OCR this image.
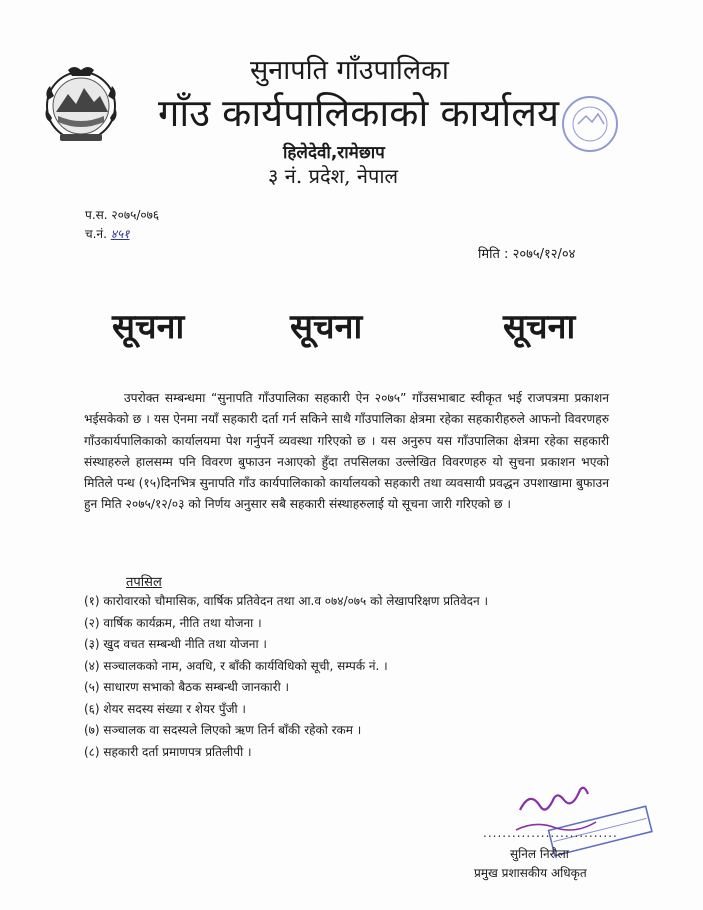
सुनापति गाँउपालिका
गाँउ कार्यपालिकाको कार्यालय
हिलेदेवी,रामेछाप
३ नं. प्रदेश, नेपाल
प.स. २०७५/०७६
च.नं. ४५१
मिति : २०७५/१२/०४
सूचना	सूचना	सूचना
उपरोक्त सम्बन्धमा “सुनापति गाँउपालिका सहकारी ऐन २०७५” गाँउसभाबाट स्वीकृत भई राजपत्रमा प्रकाशन भईसकेको छ । यस ऐनमा नयाँ सहकारी दर्ता गर्न सकिने साथै गाँउपालिका क्षेत्रमा रहेका सहकारीहरुले आफनो विवरणहरु गाँउकार्यपालिकाको कार्यालयमा पेश गर्नुपर्ने व्यवस्था गरिएको छ । यस अनुरुप यस गाँउपालिका क्षेत्रमा रहेका सहकारी संस्थाहरुले हालसम्म पनि विवरण बुफाउन नआएको हुँदा तपसिलका उल्लेखित विवरणहरु यो सुचना प्रकाशन भएको मितिले पन्ध (१५)दिनभित्र सुनापति गाँउ कार्यपालिकाको कार्यालयको सहकारी तथा व्यवसायी प्रवद्धन उपशाखामा बुफाउन हुन मिति २०७५/१२/०३ को निर्णय अनुसार सबै सहकारी संस्थाहरुलाई यो सूचना जारी गरिएको छ ।
तपसिल
(१) कारोवारको चौमासिक, वार्षिक प्रतिवेदन तथा आ.व ०७४/०७५ को लेखापरिक्षण प्रतिवेदन ।
(२) वार्षिक कार्यक्रम, नीति तथा योजना ।
(३) खुद वचत सम्बन्धी नीति तथा योजना ।
(४) सञ्चालकको नाम, अवधि, र बाँकी कार्यविधिको सूची, सम्पर्क नं. ।
(५) साधारण सभाको बैठक सम्बन्धी जानकारी ।
(६) शेयर सदस्य संख्या र शेयर पुँजी ।
(७) सञ्चालक वा सदस्यले लिएको ऋण तिर्न बाँकी रहेको रकम ।
(८) सहकारी दर्ता प्रमाणपत्र प्रतिलीपी ।
............................
सुनिल निरौला
प्रमुख प्रशासकीय अधिकृत
